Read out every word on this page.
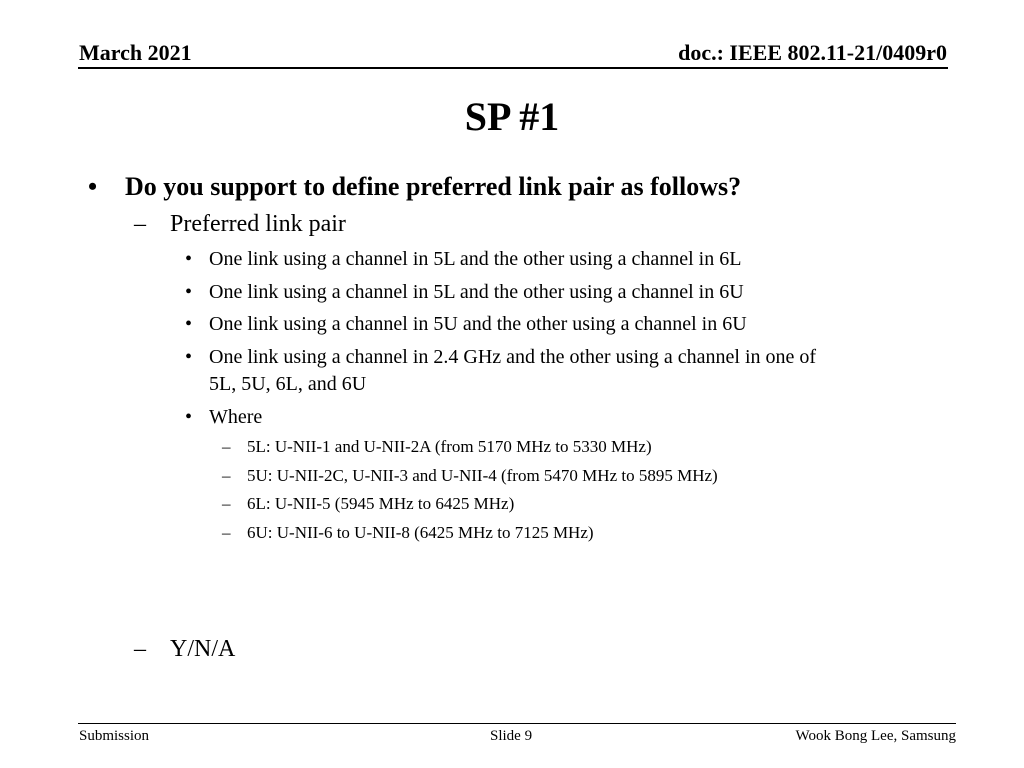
March 2021	doc.: IEEE 802.11-21/0409r0
SP #1
• Do you support to define preferred link pair as follows?
– Preferred link pair
• One link using a channel in 5L and the other using a channel in 6L
• One link using a channel in 5L and the other using a channel in 6U
• One link using a channel in 5U and the other using a channel in 6U
• One link using a channel in 2.4 GHz and the other using a channel in one of
5L, 5U, 6L, and 6U
• Where
– 5L: U-NII-1 and U-NII-2A (from 5170 MHz to 5330 MHz)
– 5U: U-NII-2C, U-NII-3 and U-NII-4 (from 5470 MHz to 5895 MHz)
– 6L: U-NII-5 (5945 MHz to 6425 MHz)
– 6U: U-NII-6 to U-NII-8 (6425 MHz to 7125 MHz)
– Y/N/A
Submission	Slide 9	Wook Bong Lee, Samsung
